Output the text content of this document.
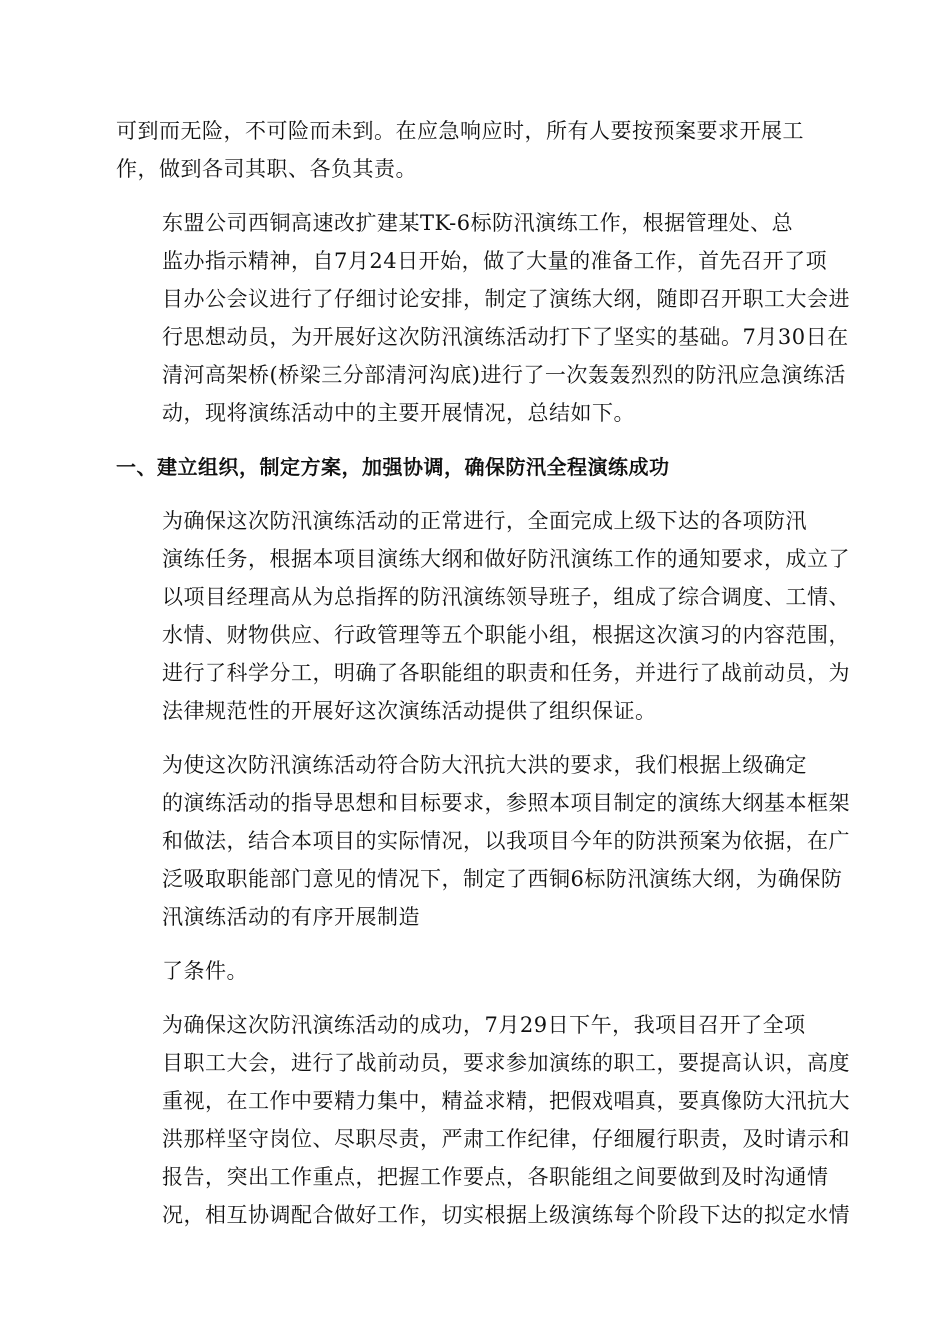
可到而无险，不可险而未到。在应急响应时，所有人要按预案要求开展工
作，做到各司其职、各负其责。

东盟公司西铜高速改扩建某TK-6标防汛演练工作，根据管理处、总
监办指示精神，自7月24日开始，做了大量的准备工作，首先召开了项
目办公会议进行了仔细讨论安排，制定了演练大纲，随即召开职工大会进
行思想动员，为开展好这次防汛演练活动打下了坚实的基础。7月30日在
清河高架桥(桥梁三分部清河沟底)进行了一次轰轰烈烈的防汛应急演练活
动，现将演练活动中的主要开展情况，总结如下。

一、建立组织，制定方案，加强协调，确保防汛全程演练成功

为确保这次防汛演练活动的正常进行，全面完成上级下达的各项防汛
演练任务，根据本项目演练大纲和做好防汛演练工作的通知要求，成立了
以项目经理高从为总指挥的防汛演练领导班子，组成了综合调度、工情、
水情、财物供应、行政管理等五个职能小组，根据这次演习的内容范围，
进行了科学分工，明确了各职能组的职责和任务，并进行了战前动员，为
法律规范性的开展好这次演练活动提供了组织保证。

为使这次防汛演练活动符合防大汛抗大洪的要求，我们根据上级确定
的演练活动的指导思想和目标要求，参照本项目制定的演练大纲基本框架
和做法，结合本项目的实际情况，以我项目今年的防洪预案为依据，在广
泛吸取职能部门意见的情况下，制定了西铜6标防汛演练大纲，为确保防
汛演练活动的有序开展制造

了条件。

为确保这次防汛演练活动的成功，7月29日下午，我项目召开了全项
目职工大会，进行了战前动员，要求参加演练的职工，要提高认识，高度
重视，在工作中要精力集中，精益求精，把假戏唱真，要真像防大汛抗大
洪那样坚守岗位、尽职尽责，严肃工作纪律，仔细履行职责，及时请示和
报告，突出工作重点，把握工作要点，各职能组之间要做到及时沟通情
况，相互协调配合做好工作，切实根据上级演练每个阶段下达的拟定水情
